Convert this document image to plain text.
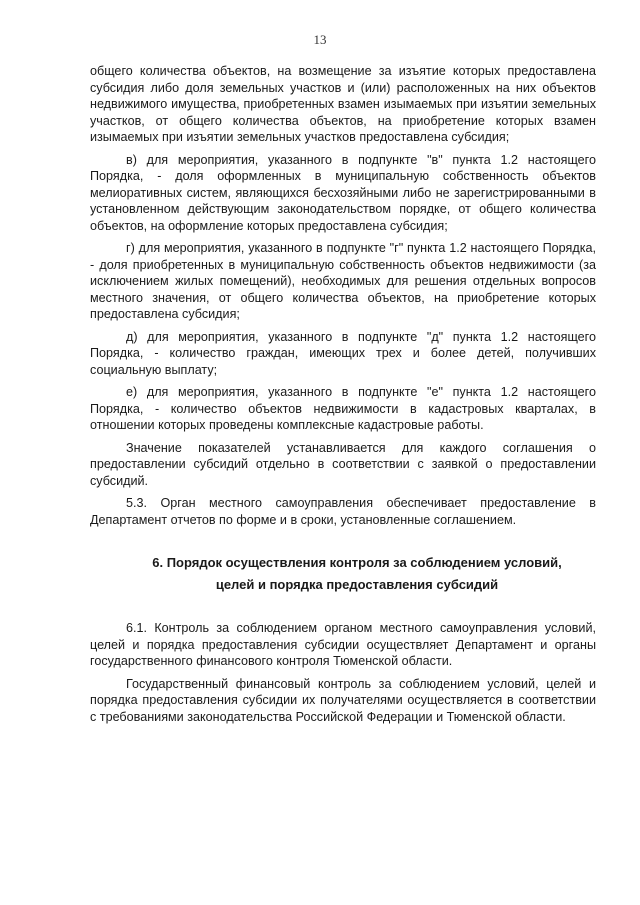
13

общего количества объектов, на возмещение за изъятие которых предоставлена субсидия либо доля земельных участков и (или) расположенных на них объектов недвижимого имущества, приобретенных взамен изымаемых при изъятии земельных участков, от общего количества объектов, на приобретение которых взамен изымаемых при изъятии земельных участков предоставлена субсидия;

в) для мероприятия, указанного в подпункте "в" пункта 1.2 настоящего Порядка, - доля оформленных в муниципальную собственность объектов мелиоративных систем, являющихся бесхозяйными либо не зарегистрированными в установленном действующим законодательством порядке, от общего количества объектов, на оформление которых предоставлена субсидия;

г) для мероприятия, указанного в подпункте "г" пункта 1.2 настоящего Порядка, - доля приобретенных в муниципальную собственность объектов недвижимости (за исключением жилых помещений), необходимых для решения отдельных вопросов местного значения, от общего количества объектов, на приобретение которых предоставлена субсидия;

д) для мероприятия, указанного в подпункте "д" пункта 1.2 настоящего Порядка, - количество граждан, имеющих трех и более детей, получивших социальную выплату;

е) для мероприятия, указанного в подпункте "е" пункта 1.2 настоящего Порядка, - количество объектов недвижимости в кадастровых кварталах, в отношении которых проведены комплексные кадастровые работы.

Значение показателей устанавливается для каждого соглашения о предоставлении субсидий отдельно в соответствии с заявкой о предоставлении субсидий.

5.3. Орган местного самоуправления обеспечивает предоставление в Департамент отчетов по форме и в сроки, установленные соглашением.

6. Порядок осуществления контроля за соблюдением условий,
целей и порядка предоставления субсидий

6.1. Контроль за соблюдением органом местного самоуправления условий, целей и порядка предоставления субсидии осуществляет Департамент и органы государственного финансового контроля Тюменской области.

Государственный финансовый контроль за соблюдением условий, целей и порядка предоставления субсидии их получателями осуществляется в соответствии с требованиями законодательства Российской Федерации и Тюменской области.
